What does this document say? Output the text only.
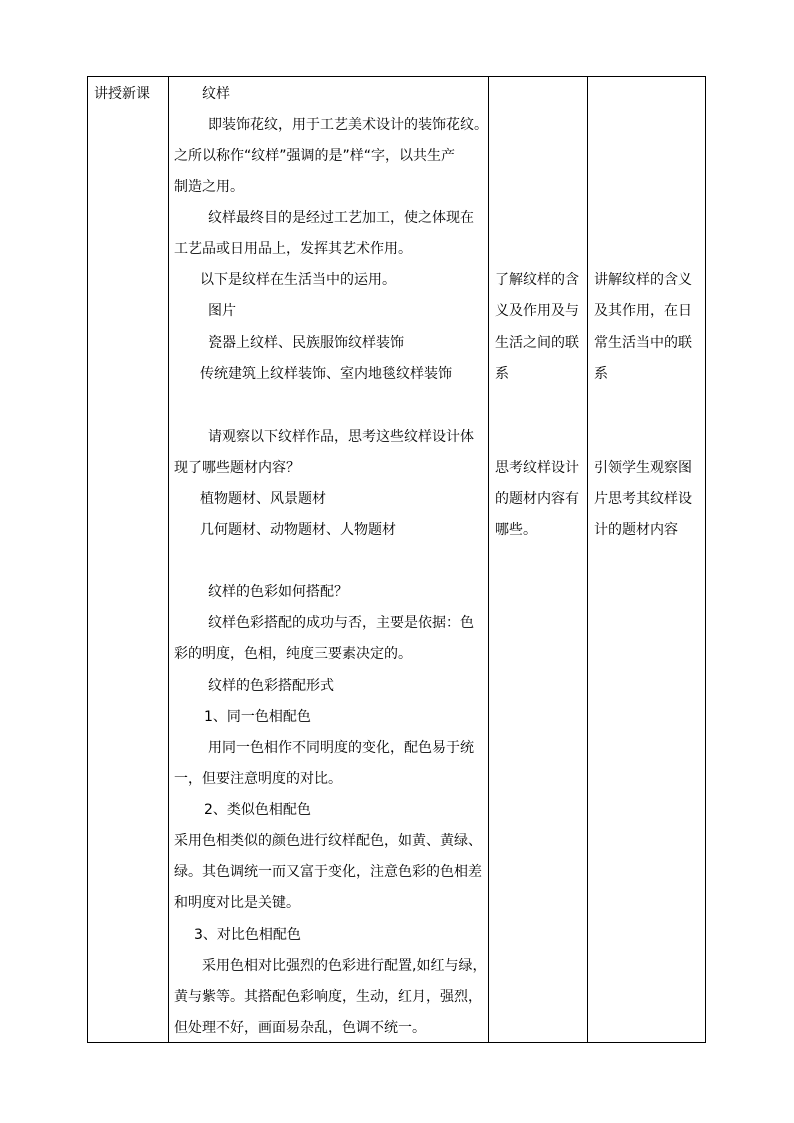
讲授新课	纹样
即装饰花纹，用于工艺美术设计的装饰花纹。
之所以称作“纹样”强调的是”样“字，以共生产
制造之用。
纹样最终目的是经过工艺加工，使之体现在
工艺品或日用品上，发挥其艺术作用。
以下是纹样在生活当中的运用。
图片
瓷器上纹样、民族服饰纹样装饰
传统建筑上纹样装饰、室内地毯纹样装饰
请观察以下纹样作品，思考这些纹样设计体
现了哪些题材内容？
植物题材、风景题材
几何题材、动物题材、人物题材
纹样的色彩如何搭配？
纹样色彩搭配的成功与否，主要是依据：色
彩的明度，色相，纯度三要素决定的。
纹样的色彩搭配形式
1、同一色相配色
用同一色相作不同明度的变化，配色易于统
一，但要注意明度的对比。
2、类似色相配色
采用色相类似的颜色进行纹样配色，如黄、黄绿、
绿。其色调统一而又富于变化，注意色彩的色相差
和明度对比是关键。
3、对比色相配色
采用色相对比强烈的色彩进行配置,如红与绿，
黄与紫等。其搭配色彩响度，生动，红月，强烈，
但处理不好，画面易杂乱，色调不统一。
了解纹样的含
义及作用及与
生活之间的联
系
思考纹样设计
的题材内容有
哪些。
讲解纹样的含义
及其作用，在日
常生活当中的联
系
引领学生观察图
片思考其纹样设
计的题材内容
